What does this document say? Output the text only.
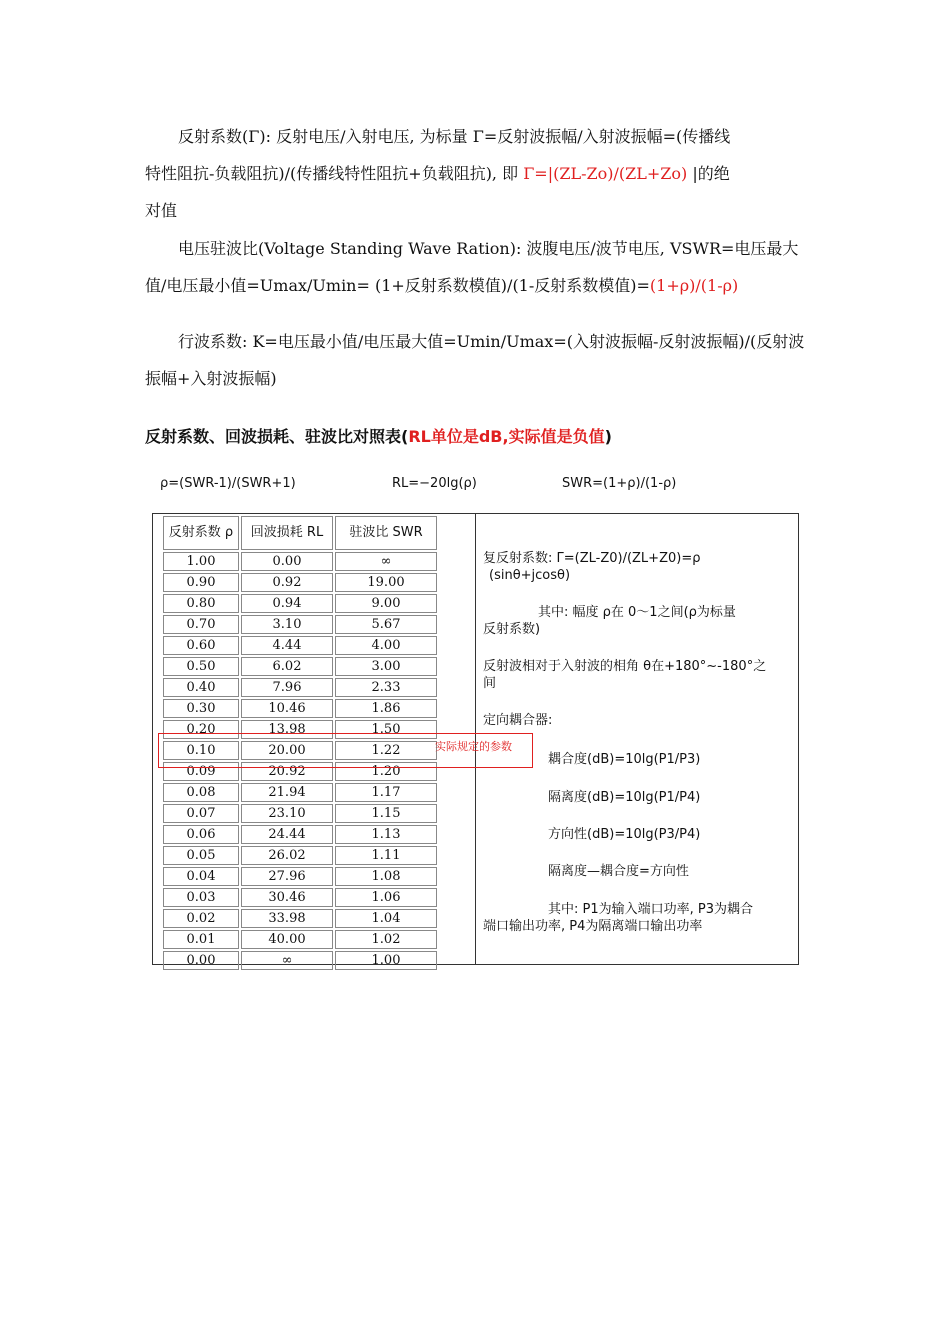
反射系数(Γ): 反射电压/入射电压, 为标量 Γ=反射波振幅/入射波振幅=(传播线
特性阻抗-负载阻抗)/(传播线特性阻抗+负载阻抗), 即 Γ=|(ZL-Zo)/(ZL+Zo) |的绝
对值
电压驻波比(Voltage Standing Wave Ration): 波腹电压/波节电压, VSWR=电压最大
值/电压最小值=Umax/Umin= (1+反射系数模值)/(1-反射系数模值)=(1+ρ)/(1-ρ)
行波系数: K=电压最小值/电压最大值=Umin/Umax=(入射波振幅-反射波振幅)/(反射波
振幅+入射波振幅)
反射系数、回波损耗、驻波比对照表(RL单位是dB,实际值是负值)
ρ=(SWR-1)/(SWR+1)	RL=−20lg(ρ)	SWR=(1+ρ)/(1-ρ)
反射系数 ρ	回波损耗 RL	驻波比 SWR
1.00	0.00	∞
0.90	0.92	19.00
0.80	0.94	9.00
0.70	3.10	5.67
0.60	4.44	4.00
0.50	6.02	3.00
0.40	7.96	2.33
0.30	10.46	1.86
0.20	13.98	1.50
0.10	20.00	1.22
0.09	20.92	1.20
0.08	21.94	1.17
0.07	23.10	1.15
0.06	24.44	1.13
0.05	26.02	1.11
0.04	27.96	1.08
0.03	30.46	1.06
0.02	33.98	1.04
0.01	40.00	1.02
0.00	∞	1.00
复反射系数: Γ=(ZL-Z0)/(ZL+Z0)=ρ
(sinθ+jcosθ)
其中: 幅度 ρ在 0～1之间(ρ为标量
反射系数)
反射波相对于入射波的相角 θ在+180°~-180°之
间
定向耦合器:
耦合度(dB)=10lg(P1/P3)
隔离度(dB)=10lg(P1/P4)
方向性(dB)=10lg(P3/P4)
隔离度—耦合度=方向性
其中: P1为输入端口功率, P3为耦合
端口输出功率, P4为隔离端口输出功率
实际规定的参数
